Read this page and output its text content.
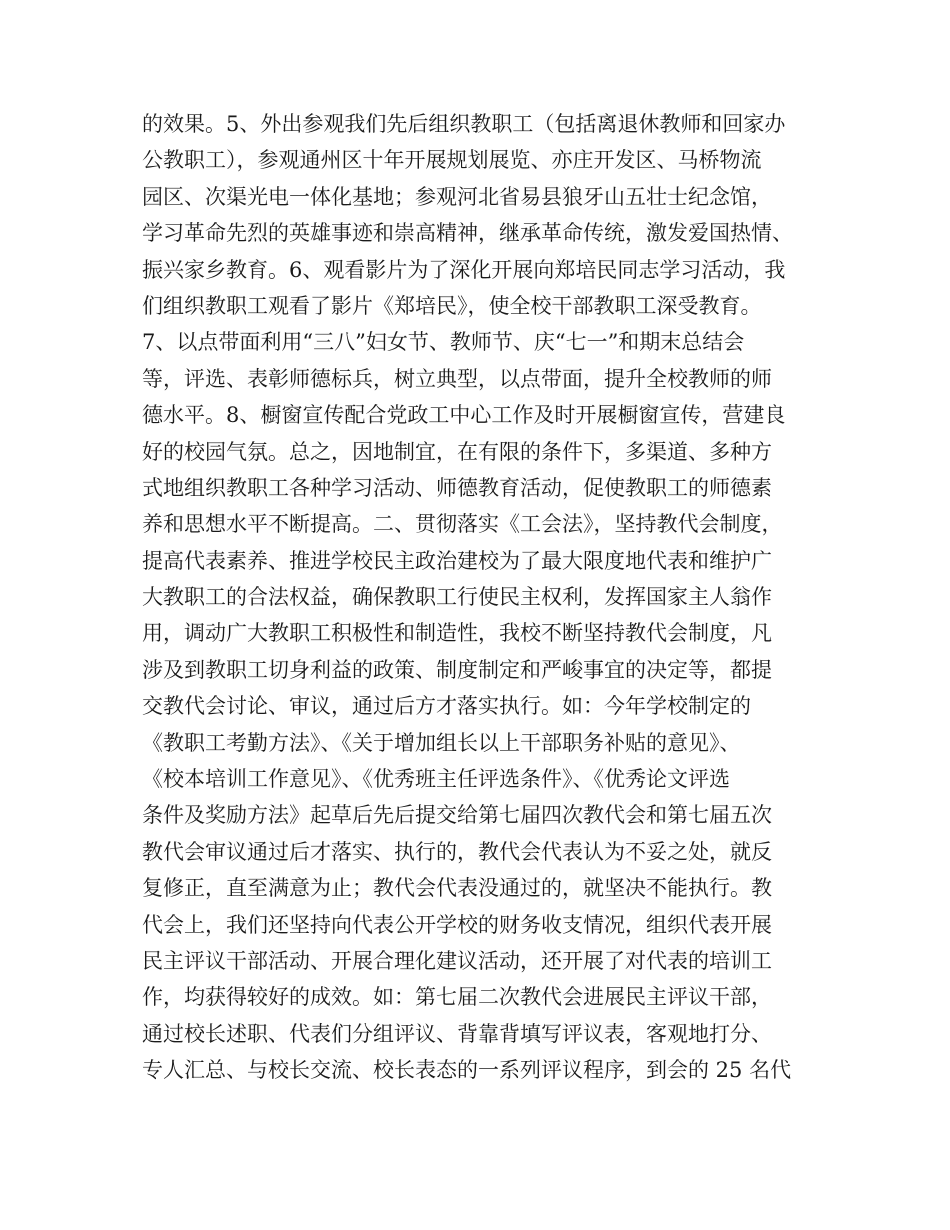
的效果。5、外出参观我们先后组织教职工（包括离退休教师和回家办
公教职工），参观通州区十年开展规划展览、亦庄开发区、马桥物流
园区、次渠光电一体化基地；参观河北省易县狼牙山五壮士纪念馆，
学习革命先烈的英雄事迹和崇高精神，继承革命传统，激发爱国热情、
振兴家乡教育。6、观看影片为了深化开展向郑培民同志学习活动，我
们组织教职工观看了影片《郑培民》，使全校干部教职工深受教育。
7、以点带面利用“三八”妇女节、教师节、庆“七一”和期末总结会
等，评选、表彰师德标兵，树立典型，以点带面，提升全校教师的师
德水平。8、橱窗宣传配合党政工中心工作及时开展橱窗宣传，营建良
好的校园气氛。总之，因地制宜，在有限的条件下，多渠道、多种方
式地组织教职工各种学习活动、师德教育活动，促使教职工的师德素
养和思想水平不断提高。二、贯彻落实《工会法》，坚持教代会制度，
提高代表素养、推进学校民主政治建校为了最大限度地代表和维护广
大教职工的合法权益，确保教职工行使民主权利，发挥国家主人翁作
用，调动广大教职工积极性和制造性，我校不断坚持教代会制度，凡
涉及到教职工切身利益的政策、制度制定和严峻事宜的决定等，都提
交教代会讨论、审议，通过后方才落实执行。如：今年学校制定的
《教职工考勤方法》、《关于增加组长以上干部职务补贴的意见》、
《校本培训工作意见》、《优秀班主任评选条件》、《优秀论文评选
条件及奖励方法》起草后先后提交给第七届四次教代会和第七届五次
教代会审议通过后才落实、执行的，教代会代表认为不妥之处，就反
复修正，直至满意为止；教代会代表没通过的，就坚决不能执行。教
代会上，我们还坚持向代表公开学校的财务收支情况，组织代表开展
民主评议干部活动、开展合理化建议活动，还开展了对代表的培训工
作，均获得较好的成效。如：第七届二次教代会进展民主评议干部，
通过校长述职、代表们分组评议、背靠背填写评议表，客观地打分、
专人汇总、与校长交流、校长表态的一系列评议程序，到会的 25 名代
